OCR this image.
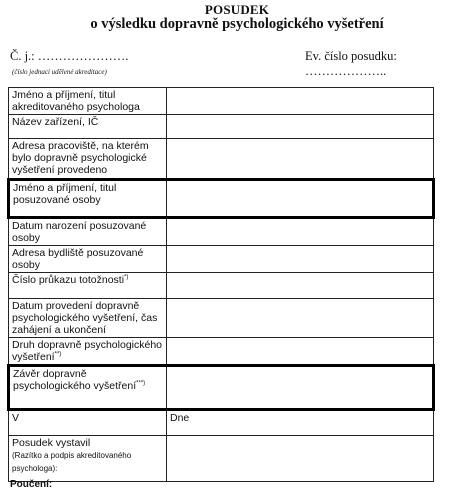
POSUDEK
o výsledku dopravně psychologického vyšetření
Č. j.: ………………….
(číslo jednací udělené akreditace)
Ev. číslo posudku: ………………..
Jméno a příjmení, titul akreditovaného psychologa	
Název zařízení, IČ	
Adresa pracoviště, na kterém bylo dopravně psychologické vyšetření provedeno	
Jméno a příjmení, titul posuzované osoby	
Datum narození posuzované osoby	
Adresa bydliště posuzované osoby	
Číslo průkazu totožnosti*)	
Datum provedení dopravně psychologického vyšetření, čas zahájení a ukončení	
Druh dopravně psychologického vyšetření**)	
Závěr dopravně psychologického vyšetření***)	
V	Dne
Posudek vystavil
(Razítko a podpis akreditovaného psychologa):	
Poučení:
